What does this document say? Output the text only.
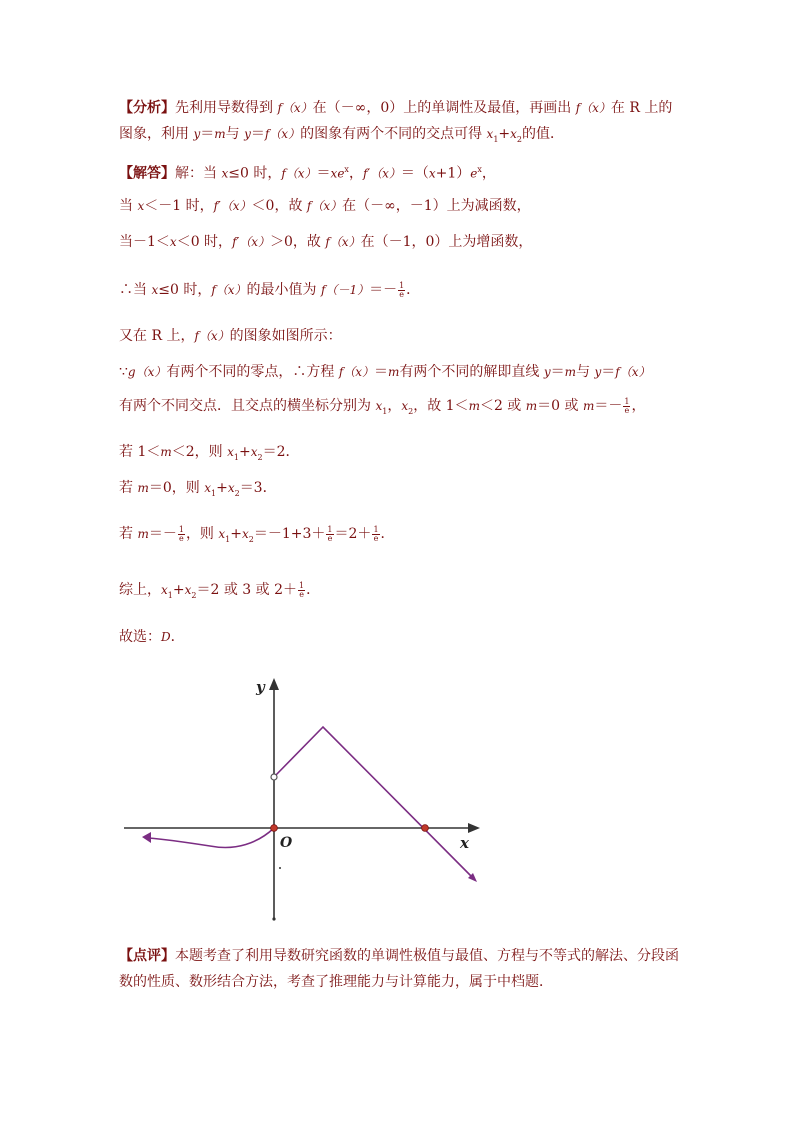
【分析】先利用导数得到 f（x）在（－∞，0）上的单调性及最值，再画出 f（x）在 R 上的
图象，利用 y＝m与 y＝f（x）的图象有两个不同的交点可得 $x_1+x_2$的值．
【解答】解：当 x≤0 时，$f(x)=xe^x$，$f'(x)=(x+1)e^x$，
当 x＜－1 时，f′（x）＜0，故 f（x）在（－∞，－1）上为减函数，
当－1＜x＜0 时，f′（x）＞0，故 f（x）在（－1，0）上为增函数，
∴当 x≤0 时，f（x）的最小值为 $f(-1)=- \frac{1}{e}$ ．
又在 R 上，f（x）的图象如图所示：
∵g（x）有两个不同的零点，∴方程 f（x）＝m有两个不同的解即直线 y＝m与 y＝f（x）
有两个不同交点．且交点的横坐标分别为 $x_1$，$x_2$，故 1＜m＜2 或 m＝0 或 $m=- \frac{1}{e}$ ，
若 1＜m＜2，则 $x_1+x_2=2$．
若 m＝0，则 $x_1+x_2=3$．
若 $m=- \frac{1}{e}$ ，则 $x_1+x_2=-1+3+ \frac{1}{e} =2+ \frac{1}{e}$ ．
综上，$x_1+x_2=2$ 或 3 或 $2+ \frac{1}{e}$ ．
故选：D．
y
x
O
【点评】本题考查了利用导数研究函数的单调性极值与最值、方程与不等式的解法、分段函
数的性质、数形结合方法，考查了推理能力与计算能力，属于中档题．
